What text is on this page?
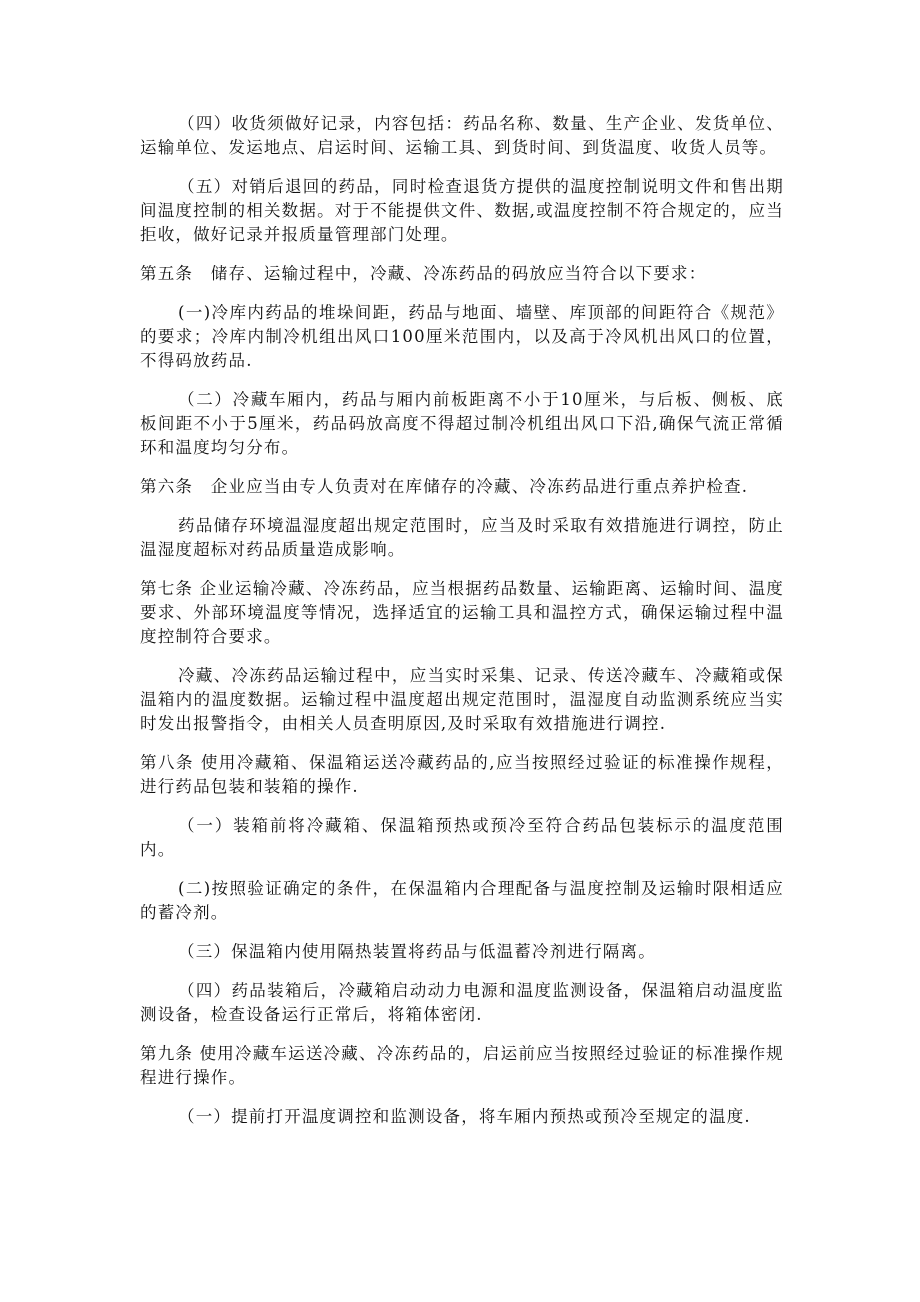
（四）收货须做好记录，内容包括：药品名称、数量、生产企业、发货单位、运输单位、发运地点、启运时间、运输工具、到货时间、到货温度、收货人员等。

（五）对销后退回的药品，同时检查退货方提供的温度控制说明文件和售出期间温度控制的相关数据。对于不能提供文件、数据,或温度控制不符合规定的，应当拒收，做好记录并报质量管理部门处理。

第五条　储存、运输过程中，冷藏、冷冻药品的码放应当符合以下要求：

(一)冷库内药品的堆垛间距，药品与地面、墙壁、库顶部的间距符合《规范》的要求；冷库内制冷机组出风口100厘米范围内，以及高于冷风机出风口的位置，不得码放药品.

（二）冷藏车厢内，药品与厢内前板距离不小于10厘米，与后板、侧板、底板间距不小于5厘米，药品码放高度不得超过制冷机组出风口下沿,确保气流正常循环和温度均匀分布。

第六条　企业应当由专人负责对在库储存的冷藏、冷冻药品进行重点养护检查.

药品储存环境温湿度超出规定范围时，应当及时采取有效措施进行调控，防止温湿度超标对药品质量造成影响。

第七条 企业运输冷藏、冷冻药品，应当根据药品数量、运输距离、运输时间、温度要求、外部环境温度等情况，选择适宜的运输工具和温控方式，确保运输过程中温度控制符合要求。

冷藏、冷冻药品运输过程中，应当实时采集、记录、传送冷藏车、冷藏箱或保温箱内的温度数据。运输过程中温度超出规定范围时，温湿度自动监测系统应当实时发出报警指令，由相关人员查明原因,及时采取有效措施进行调控.

第八条 使用冷藏箱、保温箱运送冷藏药品的,应当按照经过验证的标准操作规程，进行药品包装和装箱的操作.

（一）装箱前将冷藏箱、保温箱预热或预冷至符合药品包装标示的温度范围内。

(二)按照验证确定的条件，在保温箱内合理配备与温度控制及运输时限相适应的蓄冷剂。

（三）保温箱内使用隔热装置将药品与低温蓄冷剂进行隔离。

（四）药品装箱后，冷藏箱启动动力电源和温度监测设备，保温箱启动温度监测设备，检查设备运行正常后，将箱体密闭.

第九条 使用冷藏车运送冷藏、冷冻药品的，启运前应当按照经过验证的标准操作规程进行操作。

（一）提前打开温度调控和监测设备，将车厢内预热或预冷至规定的温度.
